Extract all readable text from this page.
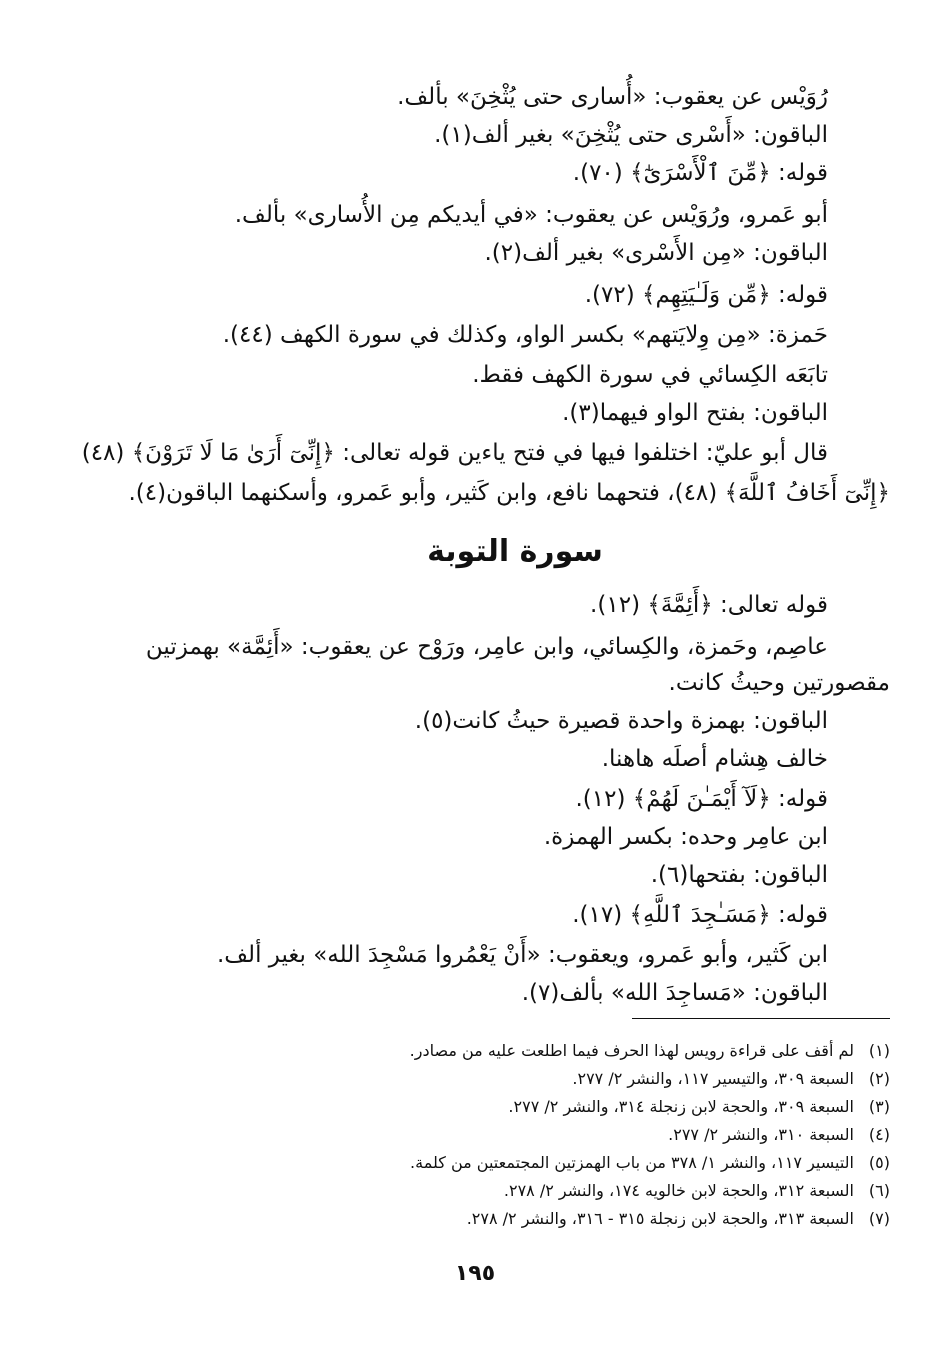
رُوَيْس عن يعقوب: «أُسارى حتى يُثْخِنَ» بألف.
الباقون: «أَسْرى حتى يُثْخِنَ» بغير ألف(١).
قوله: ﴿مِّنَ ٱلْأَسْرَىٰٓ﴾ (٧٠).
أبو عَمرو، ورُوَيْس عن يعقوب: «في أيديكم مِن الأُسارى» بألف.
الباقون: «مِن الأَسْرى» بغير ألف(٢).
قوله: ﴿مِّن وَلَـٰيَتِهِم﴾ (٧٢).
حَمزة: «مِن وِلايَتهم» بكسر الواو، وكذلك في سورة الكهف (٤٤).
تابَعَه الكِسائي في سورة الكهف فقط.
الباقون: بفتح الواو فيهما(٣).
قال أبو عليّ: اختلفوا فيها في فتح ياءين قوله تعالى: ﴿إِنِّىٓ أَرَىٰ مَا لَا تَرَوْنَ﴾ (٤٨)
﴿إِنِّىٓ أَخَافُ ٱللَّهَ﴾ (٤٨)، فتحهما نافع، وابن كَثير، وأبو عَمرو، وأسكنهما الباقون(٤).
سورة التوبة
قوله تعالى: ﴿أَئِمَّةَ﴾ (١٢).
عاصِم، وحَمزة، والكِسائي، وابن عامِر، ورَوْح عن يعقوب: «أَئِمَّة» بهمزتين
مقصورتين وحيثُ كانت.
الباقون: بهمزة واحدة قصيرة حيثُ كانت(٥).
خالف هِشام أصلَه هاهنا.
قوله: ﴿لَآ أَيْمَـٰنَ لَهُمْ﴾ (١٢).
ابن عامِر وحده: بكسر الهمزة.
الباقون: بفتحها(٦).
قوله: ﴿مَسَـٰجِدَ ٱللَّهِ﴾ (١٧).
ابن كَثير، وأبو عَمرو، ويعقوب: «أَنْ يَعْمُروا مَسْجِدَ الله» بغير ألف.
الباقون: «مَساجِدَ الله» بألف(٧).
(١)لم أقف على قراءة رويس لهذا الحرف فيما اطلعت عليه من مصادر.
(٢)السبعة ٣٠٩، والتيسير ١١٧، والنشر ٢/ ٢٧٧.
(٣)السبعة ٣٠٩، والحجة لابن زنجلة ٣١٤، والنشر ٢/ ٢٧٧.
(٤)السبعة ٣١٠، والنشر ٢/ ٢٧٧.
(٥)التيسير ١١٧، والنشر ١/ ٣٧٨ من باب الهمزتين المجتمعتين من كلمة.
(٦)السبعة ٣١٢، والحجة لابن خالويه ١٧٤، والنشر ٢/ ٢٧٨.
(٧)السبعة ٣١٣، والحجة لابن زنجلة ٣١٥ - ٣١٦، والنشر ٢/ ٢٧٨.
١٩٥
